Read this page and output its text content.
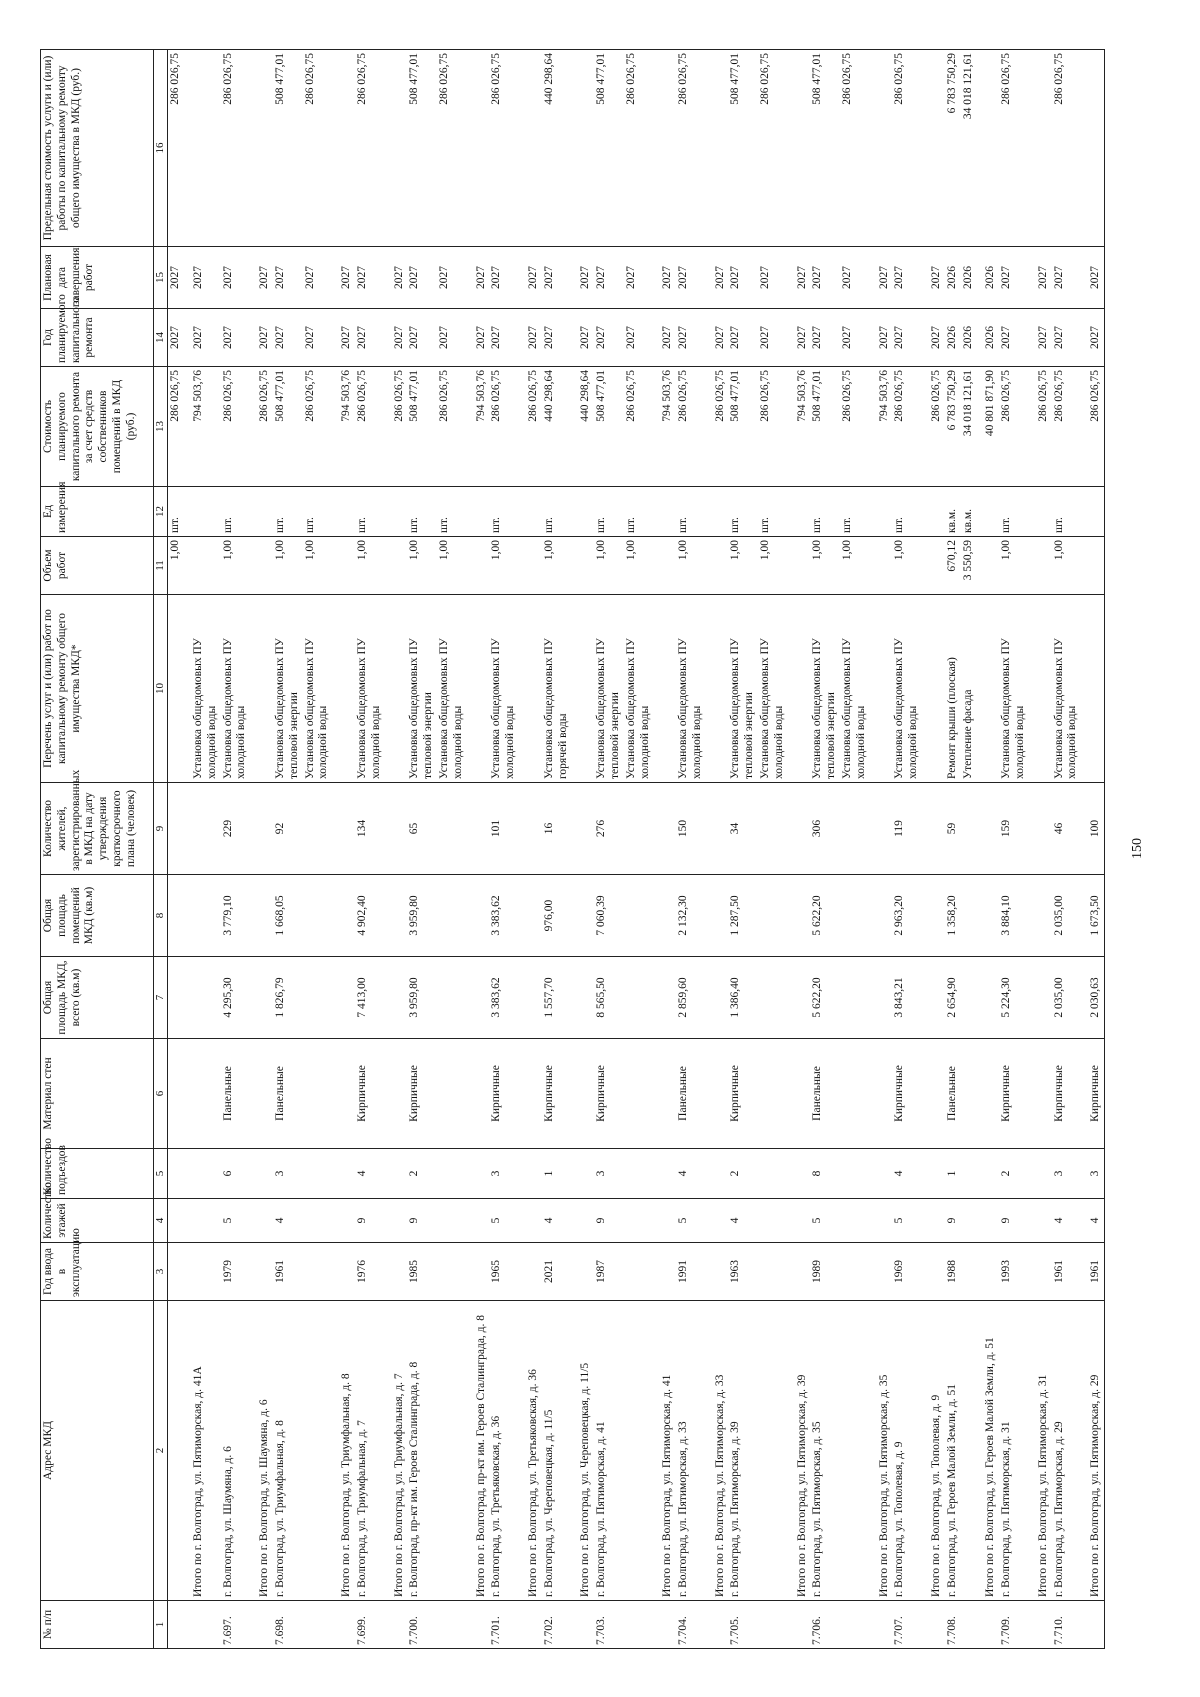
150
№ п/п	Адрес МКД	Год ввода в эксплуатацию	Количество этажей	Количество подъездов	Материал стен	Общая площадь МКД, всего (кв.м)	Общая площадь помещений МКД (кв.м)	Количество жителей, зарегистрированных в МКД на дату утверждения краткосрочного плана (человек)	Перечень услуг и (или) работ по капитальному ремонту общего имущества МКД*	Объем работ	Ед измерения	Стоимость планируемого капитального ремонта за счет средств собственников помещений в МКД (руб.)	Год планируемого капитального ремонта	Плановая дата завершения работ	Предельная стоимость услуги и (или) работы по капитальному ремонту общего имущества в МКД (руб.)
1	2	3	4	5	6	7	8	9	10	11	12	13	14	15	16
										1,00	шт.	286 026,75	2027	2027	286 026,75
	Итого по г. Волгоград, ул. Пятиморская, д. 41А								Установка общедомовых ПУ холодной воды			794 503,76	2027	2027	
7.697.	г. Волгоград, ул. Шаумяна, д. 6	1979	5	6	Панельные	4 295,30	3 779,10	229	Установка общедомовых ПУ холодной воды	1,00	шт.	286 026,75	2027	2027	286 026,75
	Итого по г. Волгоград, ул. Шаумяна, д. 6											286 026,75	2027	2027	
7.698.	г. Волгоград, ул. Триумфальная, д. 8	1961	4	3	Панельные	1 826,79	1 668,05	92	Установка общедомовых ПУ тепловой энергии	1,00	шт.	508 477,01	2027	2027	508 477,01
									Установка общедомовых ПУ холодной воды	1,00	шт.	286 026,75	2027	2027	286 026,75
	Итого по г. Волгоград, ул. Триумфальная, д. 8											794 503,76	2027	2027	
7.699.	г. Волгоград, ул. Триумфальная, д. 7	1976	9	4	Кирпичные	7 413,00	4 902,40	134	Установка общедомовых ПУ холодной воды	1,00	шт.	286 026,75	2027	2027	286 026,75
	Итого по г. Волгоград, ул. Триумфальная, д. 7											286 026,75	2027	2027	
7.700.	г. Волгоград, пр-кт им. Героев Сталинграда, д. 8	1985	9	2	Кирпичные	3 959,80	3 959,80	65	Установка общедомовых ПУ тепловой энергии	1,00	шт.	508 477,01	2027	2027	508 477,01
									Установка общедомовых ПУ холодной воды	1,00	шт.	286 026,75	2027	2027	286 026,75
	Итого по г. Волгоград, пр-кт им. Героев Сталинграда, д. 8											794 503,76	2027	2027	
7.701.	г. Волгоград, ул. Третьяковская, д. 36	1965	5	3	Кирпичные	3 383,62	3 383,62	101	Установка общедомовых ПУ холодной воды	1,00	шт.	286 026,75	2027	2027	286 026,75
	Итого по г. Волгоград, ул. Третьяковская, д. 36											286 026,75	2027	2027	
7.702.	г. Волгоград, ул. Череповецкая, д. 11/5	2021	4	1	Кирпичные	1 557,70	976,00	16	Установка общедомовых ПУ горячей воды	1,00	шт.	440 298,64	2027	2027	440 298,64
	Итого по г. Волгоград, ул. Череповецкая, д. 11/5											440 298,64	2027	2027	
7.703.	г. Волгоград, ул. Пятиморская, д. 41	1987	9	3	Кирпичные	8 565,50	7 060,39	276	Установка общедомовых ПУ тепловой энергии	1,00	шт.	508 477,01	2027	2027	508 477,01
									Установка общедомовых ПУ холодной воды	1,00	шт.	286 026,75	2027	2027	286 026,75
	Итого по г. Волгоград, ул. Пятиморская, д. 41											794 503,76	2027	2027	
7.704.	г. Волгоград, ул. Пятиморская, д. 33	1991	5	4	Панельные	2 859,60	2 132,30	150	Установка общедомовых ПУ холодной воды	1,00	шт.	286 026,75	2027	2027	286 026,75
	Итого по г. Волгоград, ул. Пятиморская, д. 33											286 026,75	2027	2027	
7.705.	г. Волгоград, ул. Пятиморская, д. 39	1963	4	2	Кирпичные	1 386,40	1 287,50	34	Установка общедомовых ПУ тепловой энергии	1,00	шт.	508 477,01	2027	2027	508 477,01
									Установка общедомовых ПУ холодной воды	1,00	шт.	286 026,75	2027	2027	286 026,75
	Итого по г. Волгоград, ул. Пятиморская, д. 39											794 503,76	2027	2027	
7.706.	г. Волгоград, ул. Пятиморская, д. 35	1989	5	8	Панельные	5 622,20	5 622,20	306	Установка общедомовых ПУ тепловой энергии	1,00	шт.	508 477,01	2027	2027	508 477,01
									Установка общедомовых ПУ холодной воды	1,00	шт.	286 026,75	2027	2027	286 026,75
	Итого по г. Волгоград, ул. Пятиморская, д. 35											794 503,76	2027	2027	
7.707.	г. Волгоград, ул. Тополевая, д. 9	1969	5	4	Кирпичные	3 843,21	2 963,20	119	Установка общедомовых ПУ холодной воды	1,00	шт.	286 026,75	2027	2027	286 026,75
	Итого по г. Волгоград, ул. Тополевая, д. 9											286 026,75	2027	2027	
7.708.	г. Волгоград, ул. Героев Малой Земли, д. 51	1988	9	1	Панельные	2 654,90	1 358,20	59	Ремонт крыши (плоская)	670,12	кв.м.	6 783 750,29	2026	2026	6 783 750,29
									Утепление фасада	3 550,59	кв.м.	34 018 121,61	2026	2026	34 018 121,61
	Итого по г. Волгоград, ул. Героев Малой Земли, д. 51											40 801 871,90	2026	2026	
7.709.	г. Волгоград, ул. Пятиморская, д. 31	1993	9	2	Кирпичные	5 224,30	3 884,10	159	Установка общедомовых ПУ холодной воды	1,00	шт.	286 026,75	2027	2027	286 026,75
	Итого по г. Волгоград, ул. Пятиморская, д. 31											286 026,75	2027	2027	
7.710.	г. Волгоград, ул. Пятиморская, д. 29	1961	4	3	Кирпичные	2 035,00	2 035,00	46	Установка общедомовых ПУ холодной воды	1,00	шт.	286 026,75	2027	2027	286 026,75
	Итого по г. Волгоград, ул. Пятиморская, д. 29	1961	4	3	Кирпичные	2 030,63	1 673,50	100				286 026,75	2027	2027	
